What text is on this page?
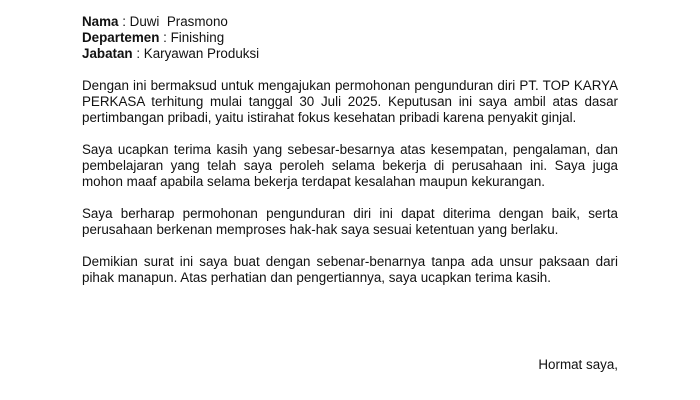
Nama : Duwi  Prasmono
Departemen : Finishing
Jabatan : Karyawan Produksi

Dengan ini bermaksud untuk mengajukan permohonan pengunduran diri PT. TOP KARYA PERKASA terhitung mulai tanggal 30 Juli 2025. Keputusan ini saya ambil atas dasar pertimbangan pribadi, yaitu istirahat fokus kesehatan pribadi karena penyakit ginjal.

Saya ucapkan terima kasih yang sebesar-besarnya atas kesempatan, pengalaman, dan pembelajaran yang telah saya peroleh selama bekerja di perusahaan ini. Saya juga mohon maaf apabila selama bekerja terdapat kesalahan maupun kekurangan.

Saya berharap permohonan pengunduran diri ini dapat diterima dengan baik, serta perusahaan berkenan memproses hak-hak saya sesuai ketentuan yang berlaku.

Demikian surat ini saya buat dengan sebenar-benarnya tanpa ada unsur paksaan dari pihak manapun. Atas perhatian dan pengertiannya, saya ucapkan terima kasih.

Hormat saya,
